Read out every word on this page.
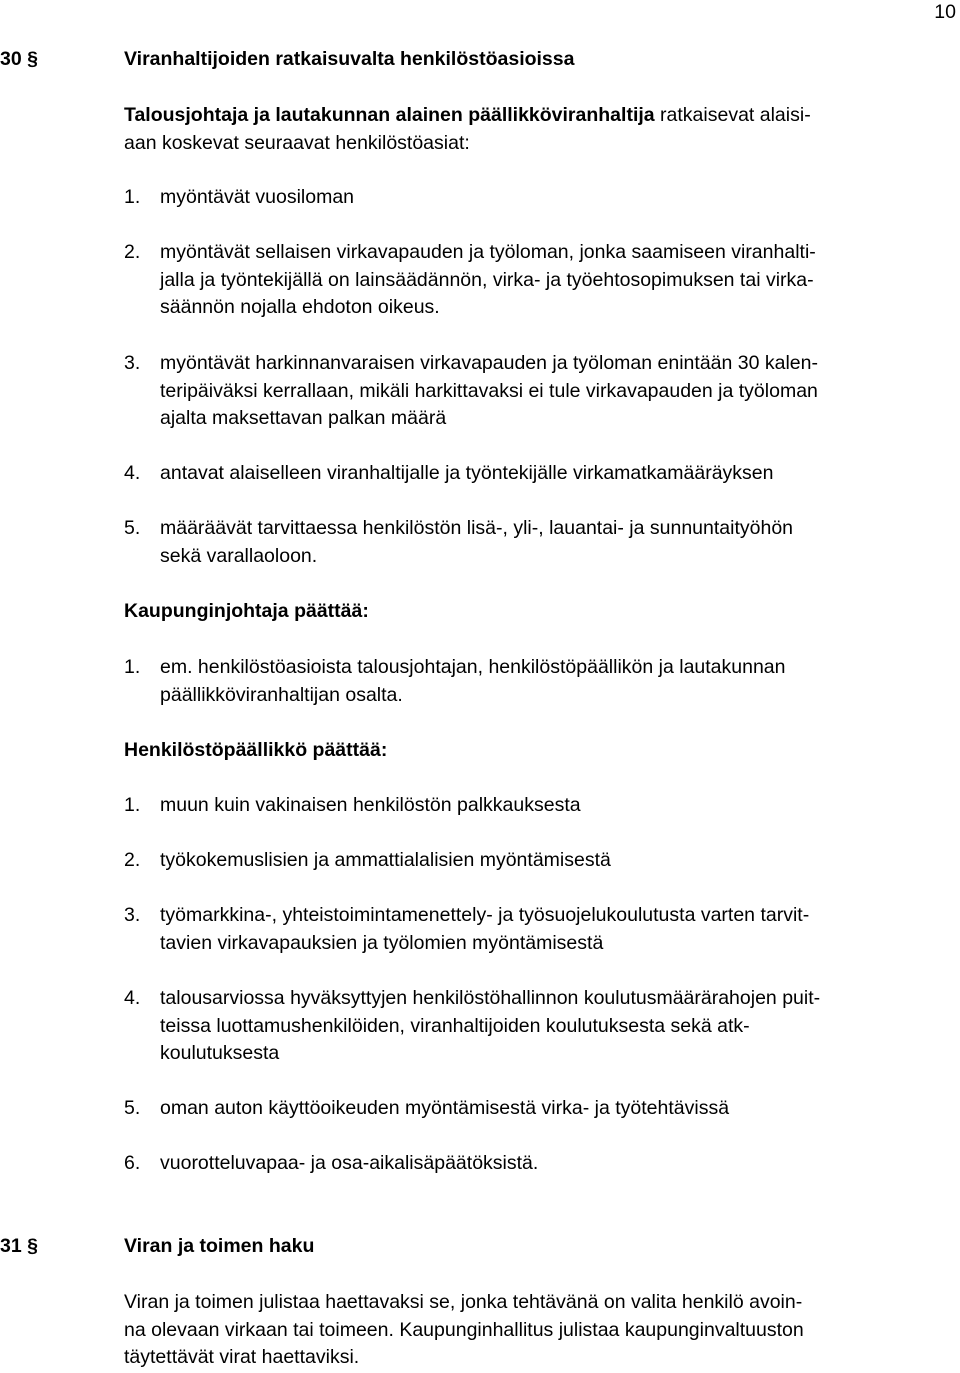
10
30 §	Viranhaltijoiden ratkaisuvalta henkilöstöasioissa
Talousjohtaja ja lautakunnan alainen päällikköviranhaltija ratkaisevat alaisi-
aan koskevat seuraavat henkilöstöasiat:
1. myöntävät vuosiloman
2. myöntävät sellaisen virkavapauden ja työloman, jonka saamiseen viranhalti-
jalla ja työntekijällä on lainsäädännön, virka- ja työehtosopimuksen tai virka-
säännön nojalla ehdoton oikeus.
3. myöntävät harkinnanvaraisen virkavapauden ja työloman enintään 30 kalen-
teripäiväksi kerrallaan, mikäli harkittavaksi ei tule virkavapauden ja työloman
ajalta maksettavan palkan määrä
4. antavat alaiselleen viranhaltijalle ja työntekijälle virkamatkamääräyksen
5. määräävät tarvittaessa henkilöstön lisä-, yli-, lauantai- ja sunnuntaityöhön
sekä varallaoloon.
Kaupunginjohtaja päättää:
1. em. henkilöstöasioista talousjohtajan, henkilöstöpäällikön ja lautakunnan
päällikköviranhaltijan osalta.
Henkilöstöpäällikkö päättää:
1. muun kuin vakinaisen henkilöstön palkkauksesta
2. työkokemuslisien ja ammattialalisien myöntämisestä
3. työmarkkina-, yhteistoimintamenettely- ja työsuojelukoulutusta varten tarvit-
tavien virkavapauksien ja työlomien myöntämisestä
4. talousarviossa hyväksyttyjen henkilöstöhallinnon koulutusmäärärahojen puit-
teissa luottamushenkilöiden, viranhaltijoiden koulutuksesta sekä atk-
koulutuksesta
5. oman auton käyttöoikeuden myöntämisestä virka- ja työtehtävissä
6. vuorotteluvapaa- ja osa-aikalisäpäätöksistä.
31 §	Viran ja toimen haku
Viran ja toimen julistaa haettavaksi se, jonka tehtävänä on valita henkilö avoin-
na olevaan virkaan tai toimeen. Kaupunginhallitus julistaa kaupunginvaltuuston
täytettävät virat haettaviksi.
